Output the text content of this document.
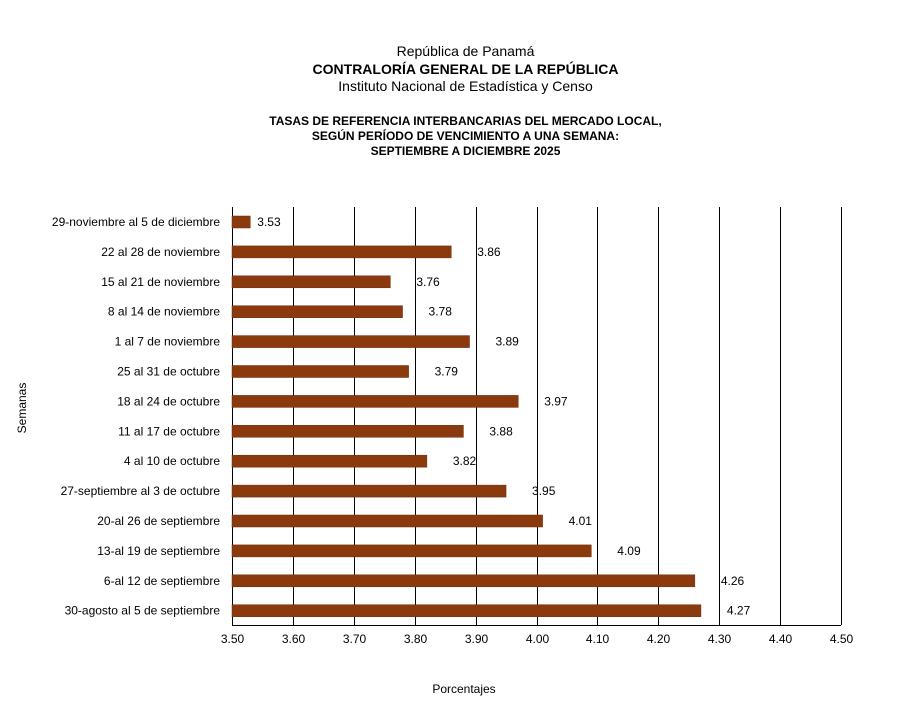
República de Panamá
CONTRALORÍA GENERAL DE LA REPÚBLICA
Instituto Nacional de Estadística y Censo
TASAS DE REFERENCIA INTERBANCARIAS DEL MERCADO LOCAL,
SEGÚN PERÍODO DE VENCIMIENTO A UNA SEMANA:
SEPTIEMBRE A DICIEMBRE 2025
29-noviembre al 5 de diciembre
22 al 28 de noviembre
15 al 21 de noviembre
8 al 14 de noviembre
1 al 7 de noviembre
25 al 31 de octubre
18 al 24 de octubre
11 al 17 de octubre
4 al 10 de octubre
27-septiembre al 3 de octubre
20-al 26 de septiembre
13-al 19 de septiembre
6-al 12 de septiembre
30-agosto al 5 de septiembre
3.53
3.86
3.76
3.78
3.89
3.79
3.97
3.88
3.82
3.95
4.01
4.09
4.26
4.27
3.50	3.60	3.70	3.80	3.90	4.00	4.10	4.20	4.30	4.40	4.50
Porcentajes
Semanas
